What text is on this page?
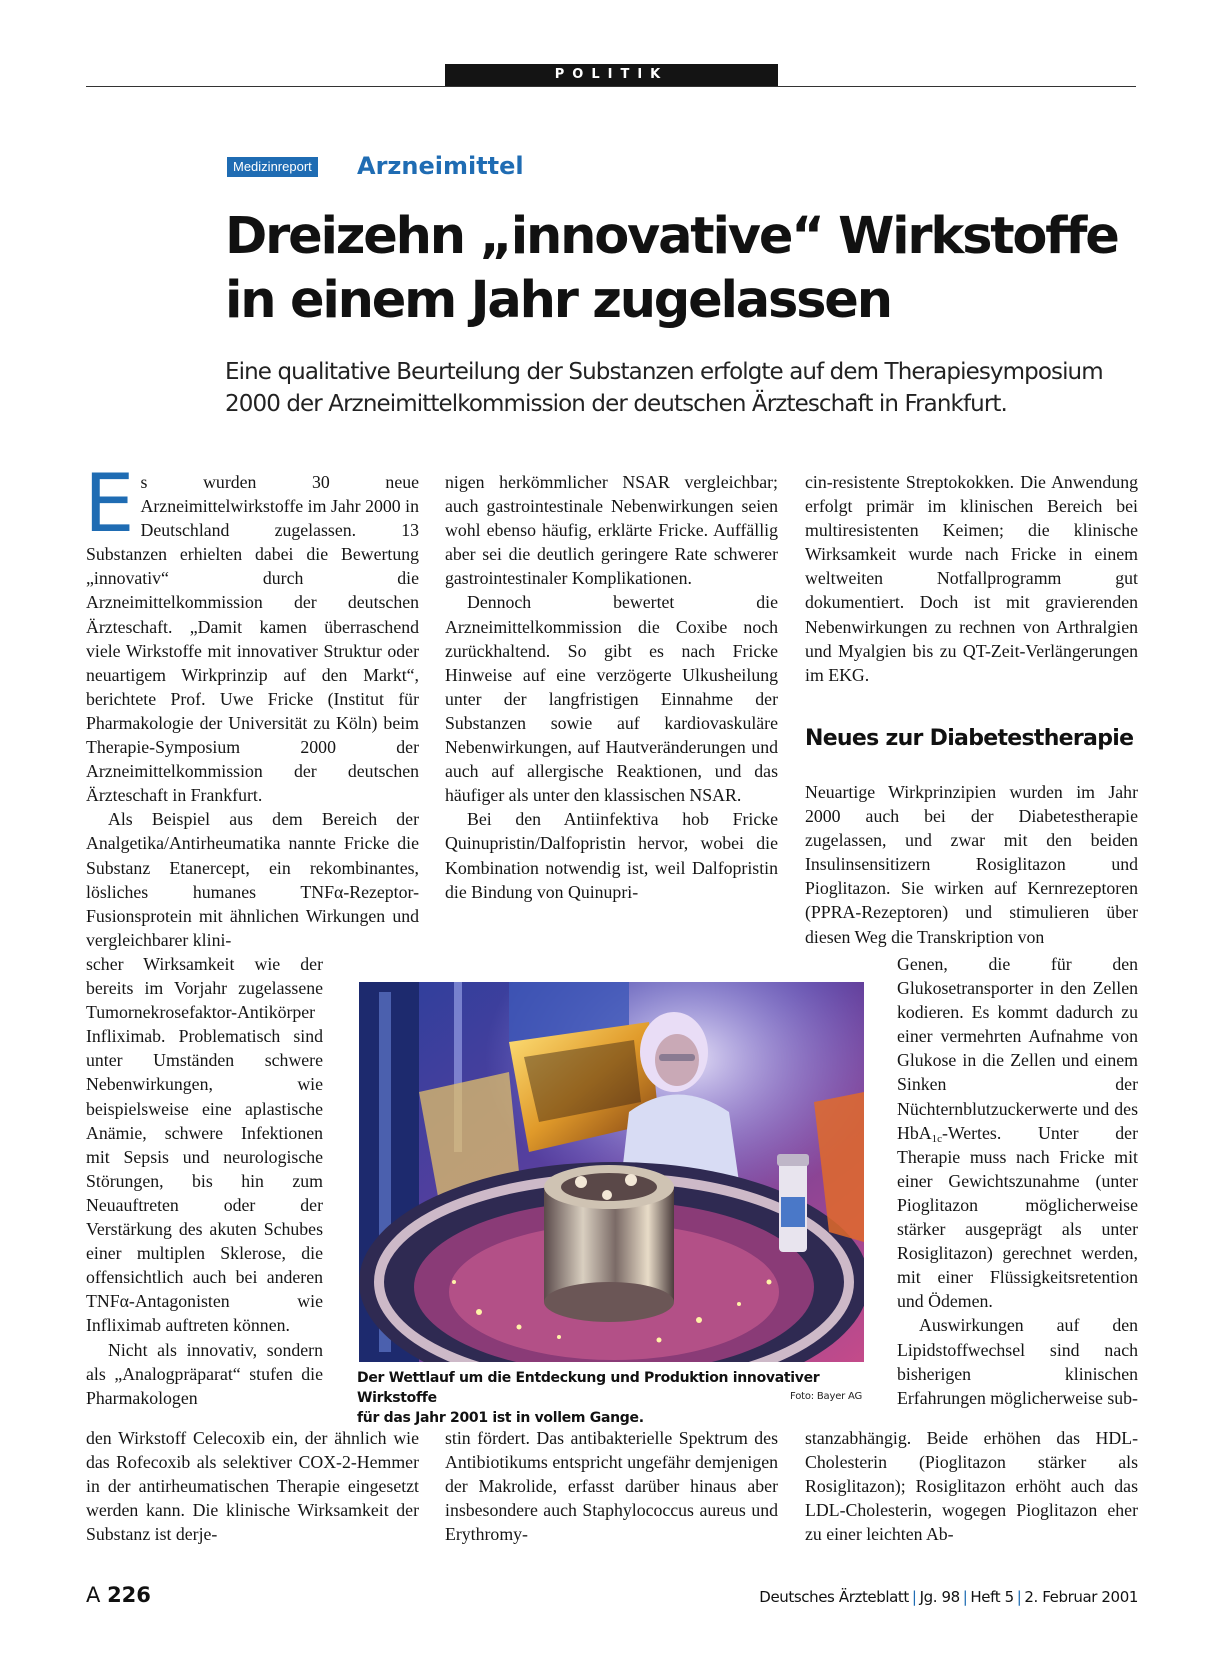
POLITIK
Medizinreport Arzneimittel
Dreizehn „innovative“ Wirkstoffe
in einem Jahr zugelassen

Eine qualitative Beurteilung der Substanzen erfolgte auf dem Therapiesymposium
2000 der Arzneimittelkommission der deutschen Ärzteschaft in Frankfurt.

Es wurden 30 neue Arzneimittelwirkstoffe im Jahr 2000 in Deutschland zugelassen. 13 Substanzen erhielten dabei die Bewertung „innovativ“ durch die Arzneimittelkommission der deutschen Ärzteschaft. „Damit kamen überraschend viele Wirkstoffe mit innovativer Struktur oder neuartigem Wirkprinzip auf den Markt“, berichtete Prof. Uwe Fricke (Institut für Pharmakologie der Universität zu Köln) beim Therapie-Symposium 2000 der Arzneimittelkommission der deutschen Ärzteschaft in Frankfurt.

Als Beispiel aus dem Bereich der Analgetika/Antirheumatika nannte Fricke die Substanz Etanercept, ein rekombinantes, lösliches humanes TNFα-Rezeptor-Fusionsprotein mit ähnlichen Wirkungen und vergleichbarer klini-

scher Wirksamkeit wie der bereits im Vorjahr zugelassene Tumornekrosefaktor-Antikörper Infliximab. Problematisch sind unter Umständen schwere Nebenwirkungen, wie beispielsweise eine aplastische Anämie, schwere Infektionen mit Sepsis und neurologische Störungen, bis hin zum Neuauftreten oder der Verstärkung des akuten Schubes einer multiplen Sklerose, die offensichtlich auch bei anderen TNFα-Antagonisten wie Infliximab auftreten können.

Nicht als innovativ, sondern als „Analogpräparat“ stufen die Pharmakologen

den Wirkstoff Celecoxib ein, der ähnlich wie das Rofecoxib als selektiver COX-2-Hemmer in der antirheumatischen Therapie eingesetzt werden kann. Die klinische Wirksamkeit der Substanz ist derje-

nigen herkömmlicher NSAR vergleichbar; auch gastrointestinale Nebenwirkungen seien wohl ebenso häufig, erklärte Fricke. Auffällig aber sei die deutlich geringere Rate schwerer gastrointestinaler Komplikationen.

Dennoch bewertet die Arzneimittelkommission die Coxibe noch zurückhaltend. So gibt es nach Fricke Hinweise auf eine verzögerte Ulkusheilung unter der langfristigen Einnahme der Substanzen sowie auf kardiovaskuläre Nebenwirkungen, auf Hautveränderungen und auch auf allergische Reaktionen, und das häufiger als unter den klassischen NSAR.

Bei den Antiinfektiva hob Fricke Quinupristin/Dalfopristin hervor, wobei die Kombination notwendig ist, weil Dalfopristin die Bindung von Quinupri-

stin fördert. Das antibakterielle Spektrum des Antibiotikums entspricht ungefähr demjenigen der Makrolide, erfasst darüber hinaus aber insbesondere auch Staphylococcus aureus und Erythromy-

cin-resistente Streptokokken. Die Anwendung erfolgt primär im klinischen Bereich bei multiresistenten Keimen; die klinische Wirksamkeit wurde nach Fricke in einem weltweiten Notfallprogramm gut dokumentiert. Doch ist mit gravierenden Nebenwirkungen zu rechnen von Arthralgien und Myalgien bis zu QT-Zeit-Verlängerungen im EKG.

Neues zur Diabetestherapie

Neuartige Wirkprinzipien wurden im Jahr 2000 auch bei der Diabetestherapie zugelassen, und zwar mit den beiden Insulinsensitizern Rosiglitazon und Pioglitazon. Sie wirken auf Kernrezeptoren (PPRA-Rezeptoren) und stimulieren über diesen Weg die Transkription von

Genen, die für den Glukosetransporter in den Zellen kodieren. Es kommt dadurch zu einer vermehrten Aufnahme von Glukose in die Zellen und einem Sinken der Nüchternblutzuckerwerte und des HbA$_{1c}$-Wertes. Unter der Therapie muss nach Fricke mit einer Gewichtszunahme (unter Pioglitazon möglicherweise stärker ausgeprägt als unter Rosiglitazon) gerechnet werden, mit einer Flüssigkeitsretention und Ödemen.

Auswirkungen auf den Lipidstoffwechsel sind nach bisherigen klinischen Erfahrungen möglicherweise sub-

stanzabhängig. Beide erhöhen das HDL-Cholesterin (Pioglitazon stärker als Rosiglitazon); Rosiglitazon erhöht auch das LDL-Cholesterin, wogegen Pioglitazon eher zu einer leichten Ab-

Der Wettlauf um die Entdeckung und Produktion innovativer Wirkstoffe
für das Jahr 2001 ist in vollem Gange.
Foto: Bayer AG
A 226	Deutsches Ärzteblatt | Jg. 98 | Heft 5 | 2. Februar 2001
